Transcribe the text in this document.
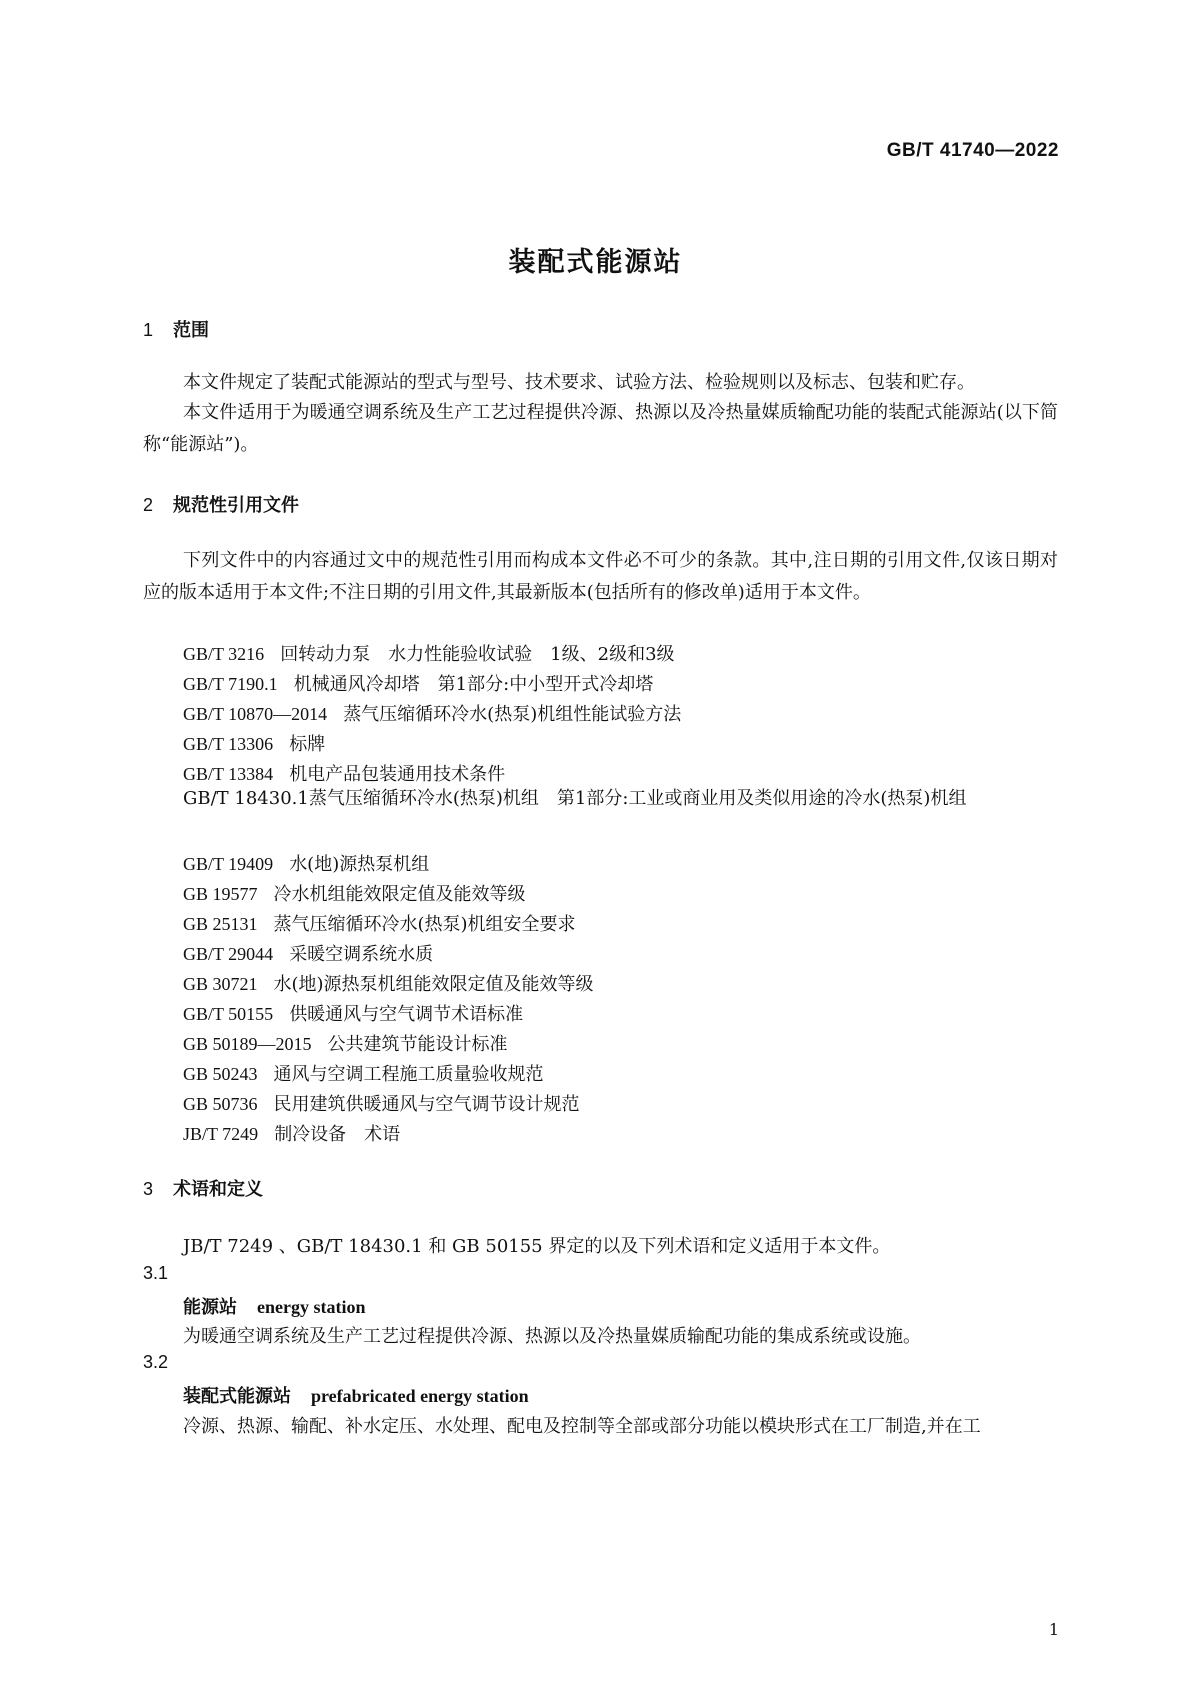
GB/T 41740—2022
装配式能源站
1 范围
本文件规定了装配式能源站的型式与型号、技术要求、试验方法、检验规则以及标志、包装和贮存。
本文件适用于为暖通空调系统及生产工艺过程提供冷源、热源以及冷热量媒质输配功能的装配式能源站(以下简称“能源站”)。
2 规范性引用文件
下列文件中的内容通过文中的规范性引用而构成本文件必不可少的条款。其中,注日期的引用文件,仅该日期对应的版本适用于本文件;不注日期的引用文件,其最新版本(包括所有的修改单)适用于本文件。
GB/T 3216 回转动力泵　水力性能验收试验　1级、2级和3级
GB/T 7190.1 机械通风冷却塔　第1部分:中小型开式冷却塔
GB/T 10870—2014 蒸气压缩循环冷水(热泵)机组性能试验方法
GB/T 13306 标牌
GB/T 13384 机电产品包装通用技术条件
GB/T 18430.1蒸气压缩循环冷水(热泵)机组　第1部分:工业或商业用及类似用途的冷水(热泵)机组
GB/T 19409 水(地)源热泵机组
GB 19577 冷水机组能效限定值及能效等级
GB 25131 蒸气压缩循环冷水(热泵)机组安全要求
GB/T 29044 采暖空调系统水质
GB 30721 水(地)源热泵机组能效限定值及能效等级
GB/T 50155 供暖通风与空气调节术语标准
GB 50189—2015 公共建筑节能设计标准
GB 50243 通风与空调工程施工质量验收规范
GB 50736 民用建筑供暖通风与空气调节设计规范
JB/T 7249 制冷设备　术语
3 术语和定义
JB/T 7249 、GB/T 18430.1 和 GB 50155 界定的以及下列术语和定义适用于本文件。
3.1
能源站 energy station
为暖通空调系统及生产工艺过程提供冷源、热源以及冷热量媒质输配功能的集成系统或设施。
3.2
装配式能源站 prefabricated energy station
冷源、热源、输配、补水定压、水处理、配电及控制等全部或部分功能以模块形式在工厂制造,并在工
1
